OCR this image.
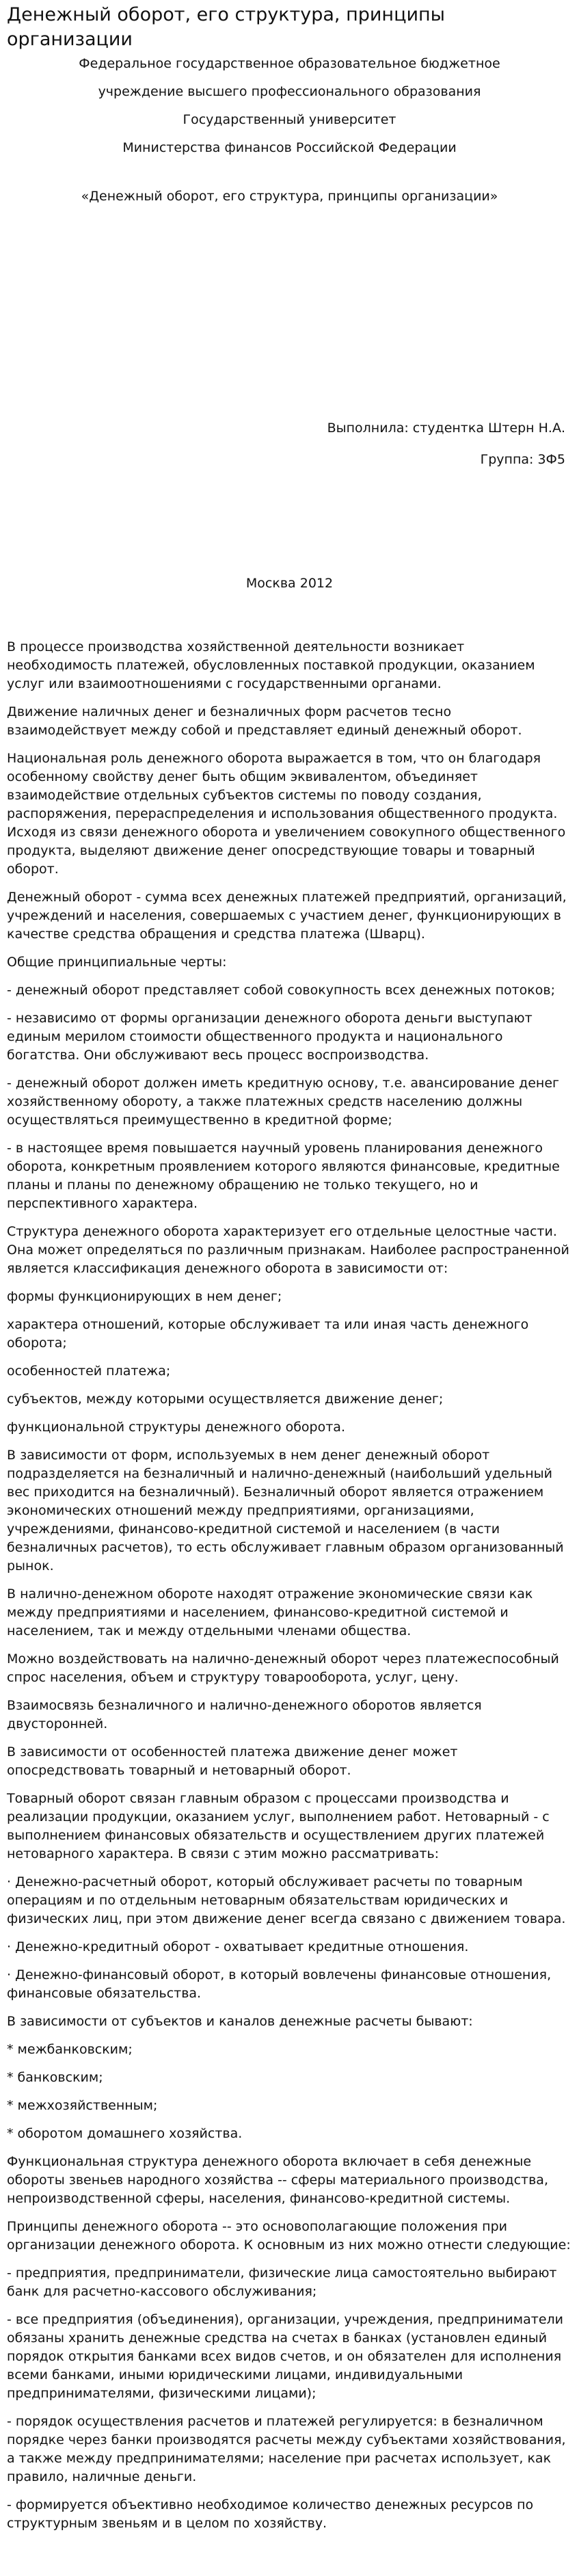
Денежный оборот, его структура, принципы организации

Федеральное государственное образовательное бюджетное

учреждение высшего профессионального образования

Государственный университет

Министерства финансов Российской Федерации

«Денежный оборот, его структура, принципы организации»

Выполнила: студентка Штерн Н.А.

Группа: 3Ф5

Москва 2012

В процессе производства хозяйственной деятельности возникает необходимость платежей, обусловленных поставкой продукции, оказанием услуг или взаимоотношениями с государственными органами.

Движение наличных денег и безналичных форм расчетов тесно взаимодействует между собой и представляет единый денежный оборот.

Национальная роль денежного оборота выражается в том, что он благодаря особенному свойству денег быть общим эквивалентом, объединяет взаимодействие отдельных субъектов системы по поводу создания, распоряжения, перераспределения и использования общественного продукта. Исходя из связи денежного оборота и увеличением совокупного общественного продукта, выделяют движение денег опосредствующие товары и товарный оборот.

Денежный оборот - сумма всех денежных платежей предприятий, организаций, учреждений и населения, совершаемых с участием денег, функционирующих в качестве средства обращения и средства платежа (Шварц).

Общие принципиальные черты:

- денежный оборот представляет собой совокупность всех денежных потоков;

- независимо от формы организации денежного оборота деньги выступают единым мерилом стоимости общественного продукта и национального богатства. Они обслуживают весь процесс воспроизводства.

- денежный оборот должен иметь кредитную основу, т.е. авансирование денег хозяйственному обороту, а также платежных средств населению должны осуществляться преимущественно в кредитной форме;

- в настоящее время повышается научный уровень планирования денежного оборота, конкретным проявлением которого являются финансовые, кредитные планы и планы по денежному обращению не только текущего, но и перспективного характера.

Структура денежного оборота характеризует его отдельные целостные части. Она может определяться по различным признакам. Наиболее распространенной является классификация денежного оборота в зависимости от:

формы функционирующих в нем денег;

характера отношений, которые обслуживает та или иная часть денежного оборота;

особенностей платежа;

субъектов, между которыми осуществляется движение денег;

функциональной структуры денежного оборота.

В зависимости от форм, используемых в нем денег денежный оборот подразделяется на безналичный и налично-денежный (наибольший удельный вес приходится на безналичный). Безналичный оборот является отражением экономических отношений между предприятиями, организациями, учреждениями, финансово-кредитной системой и населением (в части безналичных расчетов), то есть обслуживает главным образом организованный рынок.

В налично-денежном обороте находят отражение экономические связи как между предприятиями и населением, финансово-кредитной системой и населением, так и между отдельными членами общества.

Можно воздействовать на налично-денежный оборот через платежеспособный спрос населения, объем и структуру товарооборота, услуг, цену.

Взаимосвязь безналичного и налично-денежного оборотов является двусторонней.

В зависимости от особенностей платежа движение денег может опосредствовать товарный и нетоварный оборот.

Товарный оборот связан главным образом с процессами производства и реализации продукции, оказанием услуг, выполнением работ. Нетоварный - с выполнением финансовых обязательств и осуществлением других платежей нетоварного характера. В связи с этим можно рассматривать:

· Денежно-расчетный оборот, который обслуживает расчеты по товарным операциям и по отдельным нетоварным обязательствам юридических и физических лиц, при этом движение денег всегда связано с движением товара.

· Денежно-кредитный оборот - охватывает кредитные отношения.

· Денежно-финансовый оборот, в который вовлечены финансовые отношения, финансовые обязательства.

В зависимости от субъектов и каналов денежные расчеты бывают:

* межбанковским;

* банковским;

* межхозяйственным;

* оборотом домашнего хозяйства.

Функциональная структура денежного оборота включает в себя денежные обороты звеньев народного хозяйства -- сферы материального производства, непроизводственной сферы, населения, финансово-кредитной системы.

Принципы денежного оборота -- это основополагающие положения при организации денежного оборота. К основным из них можно отнести следующие:

- предприятия, предприниматели, физические лица самостоятельно выбирают банк для расчетно-кассового обслуживания;

- все предприятия (объединения), организации, учреждения, предприниматели обязаны хранить денежные средства на счетах в банках (установлен единый порядок открытия банками всех видов счетов, и он обязателен для исполнения всеми банками, иными юридическими лицами, индивидуальными предпринимателями, физическими лицами);

- порядок осуществления расчетов и платежей регулируется: в безналичном порядке через банки производятся расчеты между субъектами хозяйствования, а также между предпринимателями; население при расчетах использует, как правило, наличные деньги.

- формируется объективно необходимое количество денежных ресурсов по структурным звеньям и в целом по хозяйству.
